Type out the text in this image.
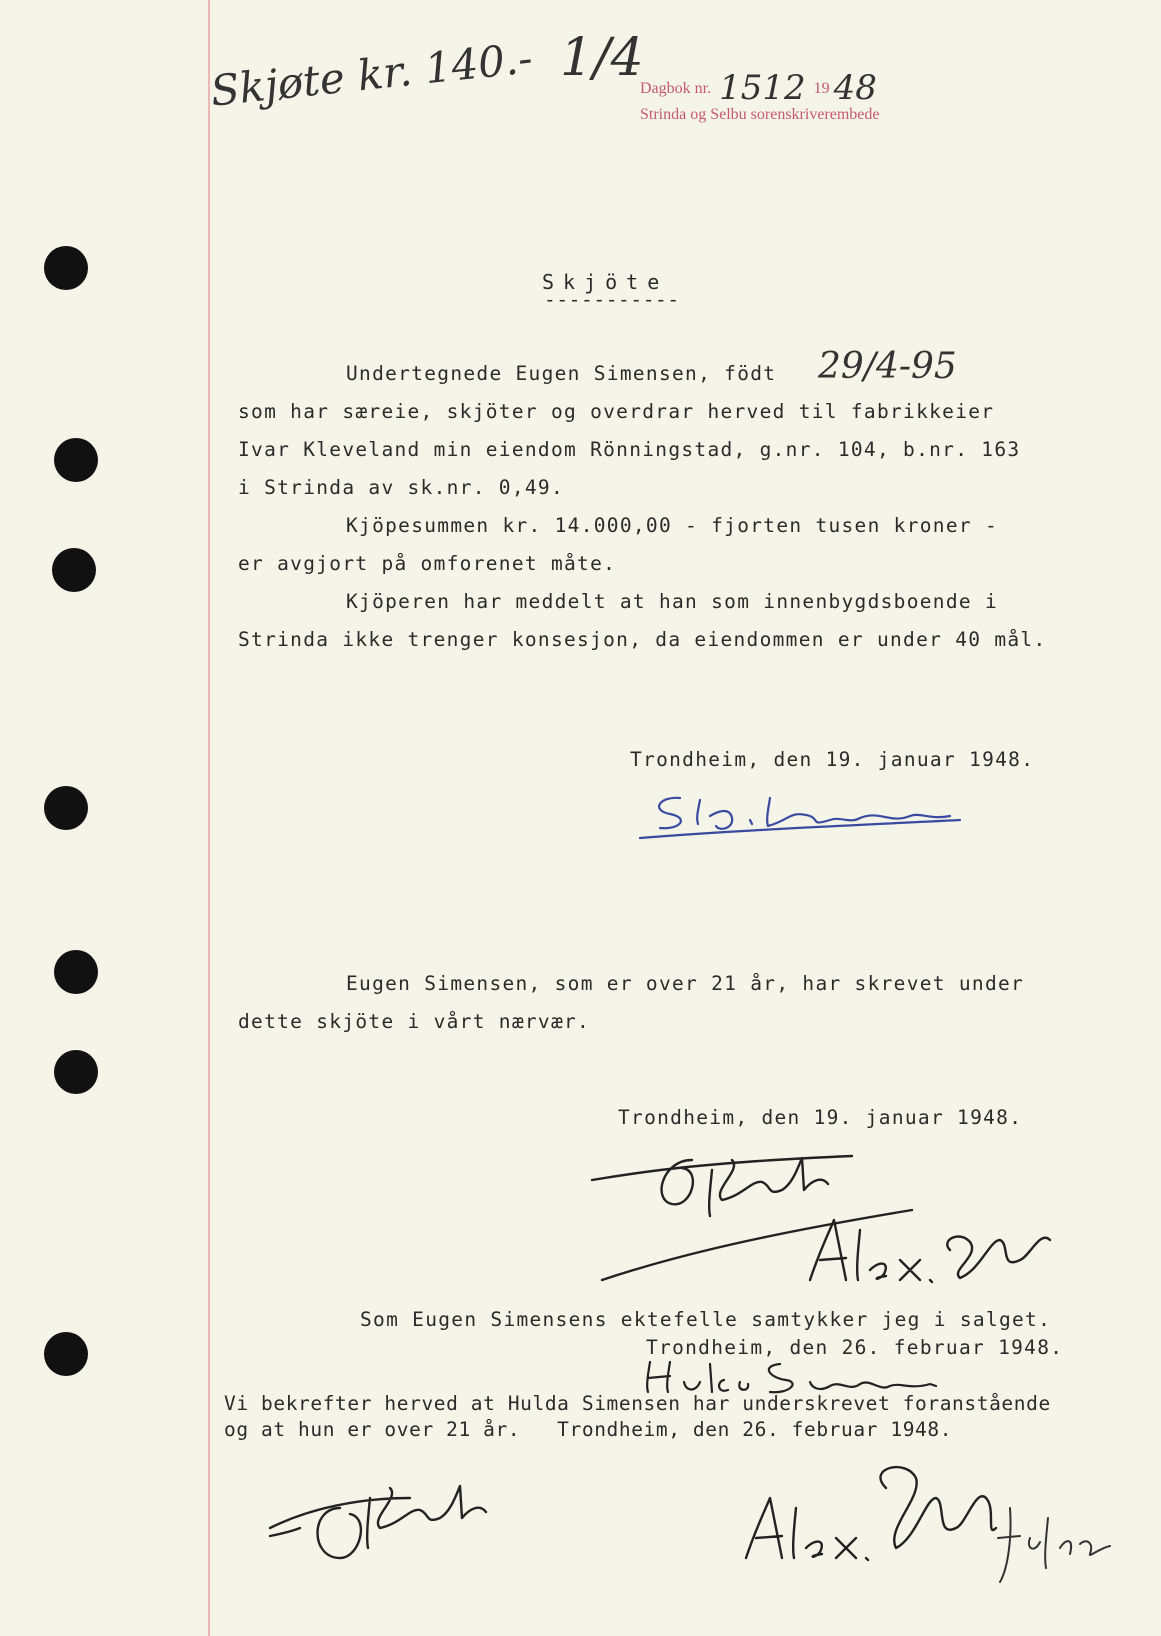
Skjøte kr. 140.- 1/4
Dagbok nr. 1512 19 48
Strinda og Selbu sorenskriverembede
Skjöte
-----------
Undertegnede Eugen Simensen, födt 29/4-95
som har særeie, skjöter og overdrar herved til fabrikkeier
Ivar Kleveland min eiendom Rönningstad, g.nr. 104, b.nr. 163
i Strinda av sk.nr. 0,49.
Kjöpesummen kr. 14.000,00 - fjorten tusen kroner -
er avgjort på omforenet måte.
Kjöperen har meddelt at han som innenbygdsboende i
Strinda ikke trenger konsesjon, da eiendommen er under 40 mål.
Trondheim, den 19. januar 1948.
Eugen Simensen, som er over 21 år, har skrevet under
dette skjöte i vårt nærvær.
Trondheim, den 19. januar 1948.
Som Eugen Simensens ektefelle samtykker jeg i salget.
Trondheim, den 26. februar 1948.
Vi bekrefter herved at Hulda Simensen har underskrevet foranstående
og at hun er over 21 år.   Trondheim, den 26. februar 1948.
